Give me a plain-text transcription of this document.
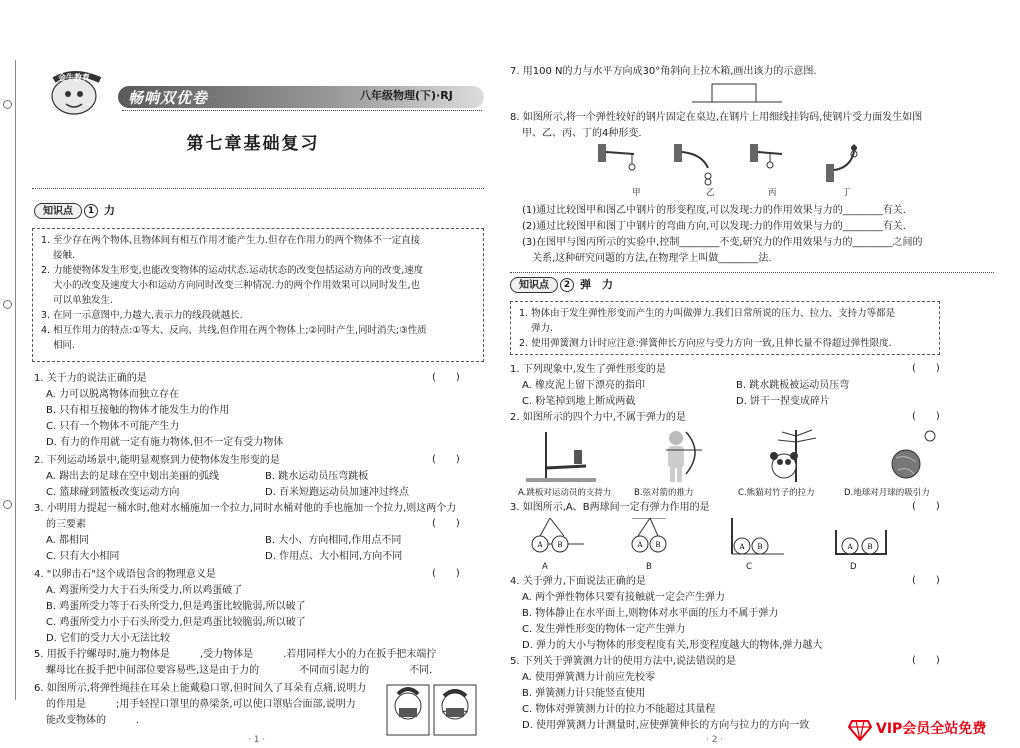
金牛教育
畅响双优卷	八年级物理(下)·RJ
第七章基础复习
知识点	1 力

1. 至少存在两个物体,且物体间有相互作用才能产生力.但存在作用力的两个物体不一定直接

接触.

2. 力能使物体发生形变,也能改变物体的运动状态.运动状态的改变包括运动方向的改变,速度

大小的改变及速度大小和运动方向同时改变三种情况.力的两个作用效果可以同时发生,也

可以单独发生.

3. 在同一示意图中,力越大,表示力的线段就越长.

4. 相互作用力的特点:①等大、反向、共线,但作用在两个物体上;②同时产生,同时消失;③性质

相同.

1. 关于力的说法正确的是
A. 力可以脱离物体而独立存在
B. 只有相互接触的物体才能发生力的作用
C. 只有一个物体不可能产生力
D. 有力的作用就一定有施力物体,但不一定有受力物体
(　　)
2. 下列运动场景中,能明显观察到力使物体发生形变的是
A. 踢出去的足球在空中划出美丽的弧线	B. 跳水运动员压弯跳板
C. 篮球碰到篮板改变运动方向	D. 百米短跑运动员加速冲过终点
(　　)
3. 小明用力提起一桶水时,他对水桶施加一个拉力,同时水桶对他的手也施加一个拉力,则这两个力
的三要素
A. 都相同	B. 大小、方向相同,作用点不同
C. 只有大小相同	D. 作用点、大小相同,方向不同
(　　)
4. "以卵击石"这个成语包含的物理意义是
A. 鸡蛋所受力大于石头所受力,所以鸡蛋破了
B. 鸡蛋所受力等于石头所受力,但是鸡蛋比较脆弱,所以破了
C. 鸡蛋所受力小于石头所受力,但是鸡蛋比较脆弱,所以破了
D. 它们的受力大小无法比较
(　　)
5. 用扳手拧螺母时,施力物体是　　　,受力物体是　　　.若用同样大小的力在扳手把末端拧
螺母比在扳手把中间部位要容易些,这是由于力的　　　　不同而引起力的　　　　不同.
6. 如图所示,将弹性绳挂在耳朵上能戴稳口罩,但时间久了耳朵有点痛,说明力
的作用是　　　;用手轻捏口罩里的鼻梁条,可以使口罩贴合面部,说明力
能改变物体的　　　.
· 1 ·
7. 用100 N的力与水平方向成30°角斜向上拉木箱,画出该力的示意图.
8. 如图所示,将一个弹性较好的钢片固定在桌边,在钢片上用细线挂钩码,使钢片受力面发生如图
甲、乙、丙、丁的4种形变.
甲	乙	丙	丁
(1)通过比较图甲和图乙中钢片的形变程度,可以发现:力的作用效果与力的________有关.
(2)通过比较图甲和图丁中钢片的弯曲方向,可以发现:力的作用效果与力的________有关.
(3)在图甲与图丙所示的实验中,控制________不变,研究力的作用效果与力的________之间的
　关系,这种研究问题的方法,在物理学上叫做________法.
知识点	2 弹　力

1. 物体由于发生弹性形变而产生的力叫做弹力.我们日常所说的压力、拉力、支持力等都是

弹力.

2. 使用弹簧测力计时应注意:弹簧伸长方向应与受力方向一致,且伸长量不得超过弹性限度.

1. 下列现象中,发生了弹性形变的是
A. 橡皮泥上留下漂亮的指印	B. 跳水跳板被运动员压弯
C. 粉笔掉到地上断成两截	D. 饼干一捏变成碎片
(　　)
2. 如图所示的四个力中,不属于弹力的是	(　　)
A.跳板对运动员的支持力	B.弦对箭的推力	C.熊猫对竹子的拉力	D.地球对月球的吸引力
3. 如图所示,A、B两球间一定有弹力作用的是	(　　)
A B	A B	A B	A B
A	B	C	D
4. 关于弹力,下面说法正确的是
A. 两个弹性物体只要有接触就一定会产生弹力
B. 物体静止在水平面上,则物体对水平面的压力不属于弹力
C. 发生弹性形变的物体一定产生弹力
D. 弹力的大小与物体的形变程度有关,形变程度越大的物体,弹力越大
(　　)
5. 下列关于弹簧测力计的使用方法中,说法错误的是
A. 使用弹簧测力计前应先校零
B. 弹簧测力计只能竖直使用
C. 物体对弹簧测力计的拉力不能超过其量程
D. 使用弹簧测力计测量时,应使弹簧伸长的方向与拉力的方向一致
(　　)
· 2 ·
VIP会员全站免费
